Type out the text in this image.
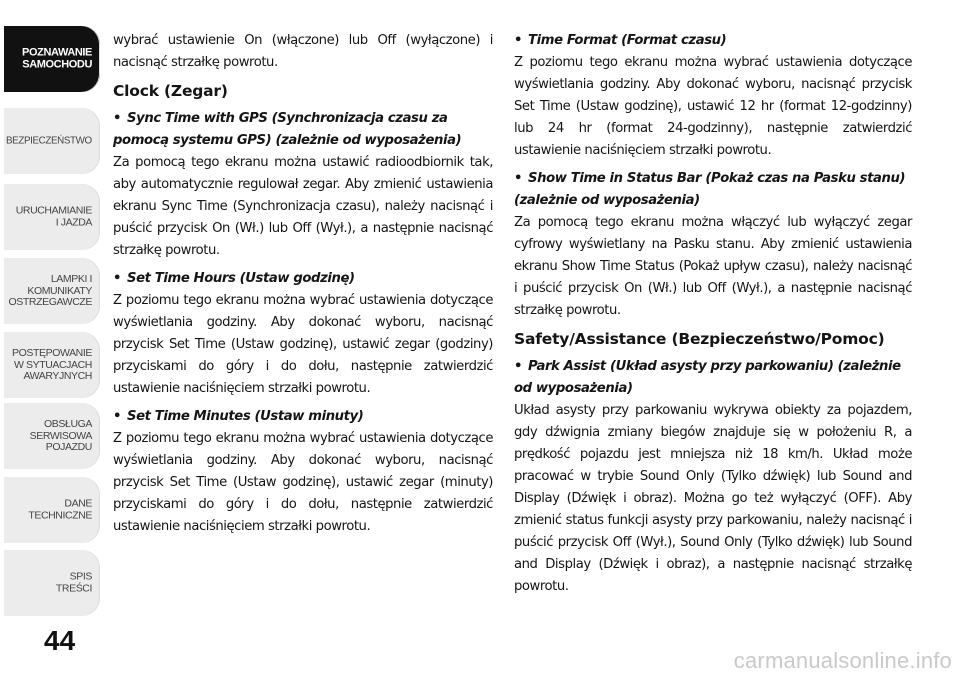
POZNAWANIE
SAMOCHODU
BEZPIECZEŃSTWO
URUCHAMIANIE
I JAZDA
LAMPKI I
KOMUNIKATY
OSTRZEGAWCZE
POSTĘPOWANIE
W SYTUACJACH
AWARYJNYCH
OBSŁUGA
SERWISOWA
POJAZDU
DANE
TECHNICZNE
SPIS
TREŚCI
44

wybrać ustawienie On (włączone) lub Off (wyłączone) i nacisnąć strzałkę powrotu.

Clock (Zegar)
• Sync Time with GPS (Synchronizacja czasu za pomocą systemu GPS) (zależnie od wyposażenia)

Za pomocą tego ekranu można ustawić radioodbiornik tak, aby automatycznie regulował zegar. Aby zmienić ustawienia ekranu Sync Time (Synchronizacja czasu), należy nacisnąć i puścić przycisk On (Wł.) lub Off (Wył.), a następnie nacisnąć strzałkę powrotu.

• Set Time Hours (Ustaw godzinę)

Z poziomu tego ekranu można wybrać ustawienia dotyczące wyświetlania godziny. Aby dokonać wyboru, nacisnąć przycisk Set Time (Ustaw godzinę), ustawić zegar (godziny) przyciskami do góry i do dołu, następnie zatwierdzić ustawienie naciśnięciem strzałki powrotu.

• Set Time Minutes (Ustaw minuty)

Z poziomu tego ekranu można wybrać ustawienia dotyczące wyświetlania godziny. Aby dokonać wyboru, nacisnąć przycisk Set Time (Ustaw godzinę), ustawić zegar (minuty) przyciskami do góry i do dołu, następnie zatwierdzić ustawienie naciśnięciem strzałki powrotu.

• Time Format (Format czasu)

Z poziomu tego ekranu można wybrać ustawienia dotyczące wyświetlania godziny. Aby dokonać wyboru, nacisnąć przycisk Set Time (Ustaw godzinę), ustawić 12 hr (format 12-godzinny) lub 24 hr (format 24-godzinny), następnie zatwierdzić ustawienie naciśnięciem strzałki powrotu.

• Show Time in Status Bar (Pokaż czas na Pasku stanu) (zależnie od wyposażenia)

Za pomocą tego ekranu można włączyć lub wyłączyć zegar cyfrowy wyświetlany na Pasku stanu. Aby zmienić ustawienia ekranu Show Time Status (Pokaż upływ czasu), należy nacisnąć i puścić przycisk On (Wł.) lub Off (Wył.), a następnie nacisnąć strzałkę powrotu.

Safety/Assistance (Bezpieczeństwo/Pomoc)
• Park Assist (Układ asysty przy parkowaniu) (zależnie od wyposażenia)

Układ asysty przy parkowaniu wykrywa obiekty za pojazdem, gdy dźwignia zmiany biegów znajduje się w położeniu R, a prędkość pojazdu jest mniejsza niż 18 km/h. Układ może pracować w trybie Sound Only (Tylko dźwięk) lub Sound and Display (Dźwięk i obraz). Można go też wyłączyć (OFF). Aby zmienić status funkcji asysty przy parkowaniu, należy nacisnąć i puścić przycisk Off (Wył.), Sound Only (Tylko dźwięk) lub Sound and Display (Dźwięk i obraz), a następnie nacisnąć strzałkę powrotu.

carmanualsonline.info
